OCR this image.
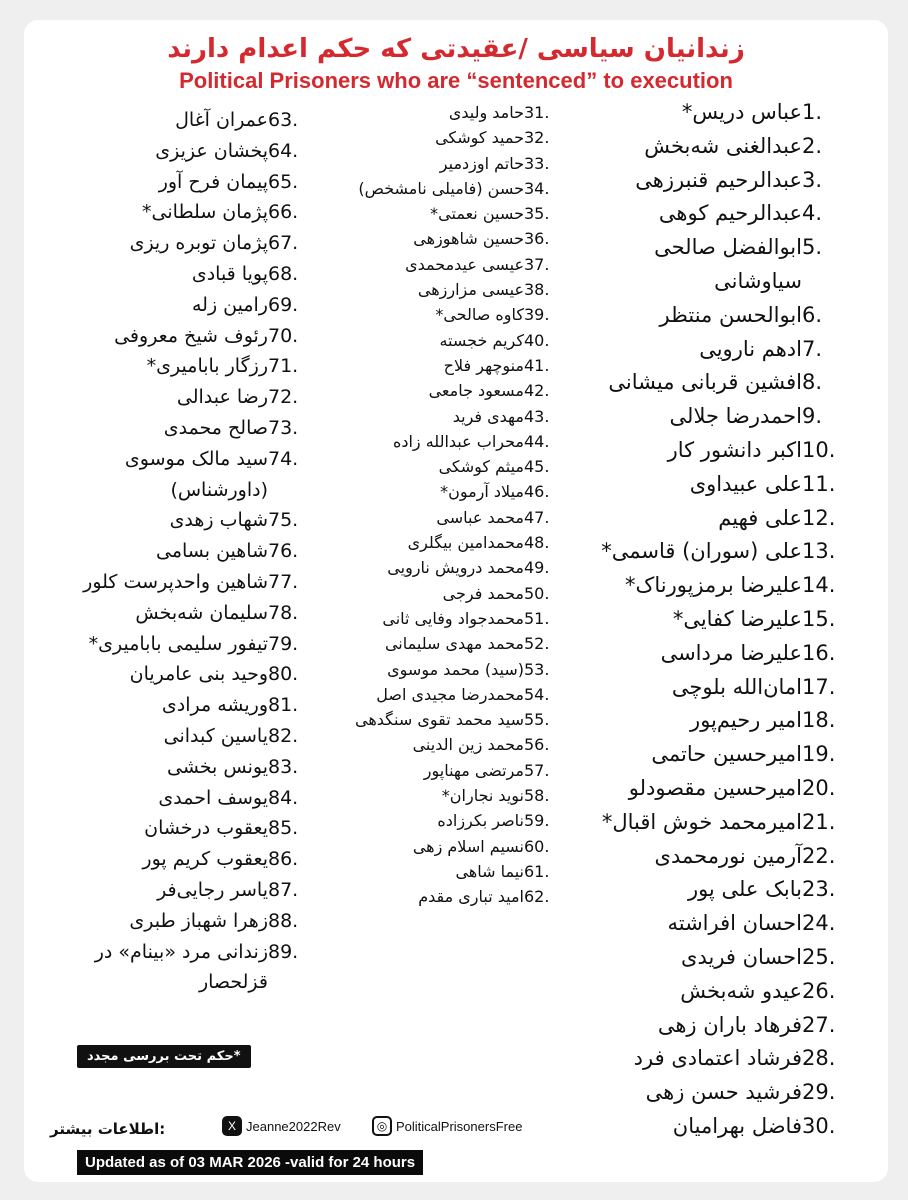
زندانیان سیاسی /عقیدتی که حکم اعدام دارند
Political Prisoners who are “sentenced” to execution
1.
عباس دریس*
2.
عبدالغنی شه‌بخش
3.
عبدالرحیم قنبرزهی
4.
عبدالرحیم کوهی
5.
ابوالفضل صالحی سیاوشانی
6.
ابوالحسن منتظر
7.
ادهم نارویی
8.
افشین قربانی میشانی
9.
احمدرضا جلالی
10.
اکبر دانشور کار
11.
علی عبیداوی
12.
علی فهیم
13.
علی (سوران) قاسمی*
14.
علیرضا برمزپورناک*
15.
علیرضا کفایی*
16.
علیرضا مرداسی
17.
امان‌الله بلوچی
18.
امیر رحیم‌پور
19.
امیرحسین حاتمی
20.
امیرحسین مقصودلو
21.
امیرمحمد خوش اقبال*
22.
آرمین نورمحمدی
23.
بابک علی پور
24.
احسان افراشته
25.
احسان فریدی
26.
عیدو شه‌بخش
27.
فرهاد باران زهی
28.
فرشاد اعتمادی فرد
29.
فرشید حسن زهی
30.
فاضل بهرامیان
31.
حامد ولیدی
32.
حمید کوشکی
33.
حاتم اوزدمیر
34.
حسن (فامیلی نامشخص)
35.
حسین نعمتی*
36.
حسین شاهوزهی
37.
عیسی عیدمحمدی
38.
عیسی مزارزهی
39.
کاوه صالحی*
40.
کریم خجسته
41.
منوچهر فلاح
42.
مسعود جامعی
43.
مهدی فرید
44.
محراب عبدالله زاده
45.
میثم کوشکی
46.
میلاد آرمون*
47.
محمد عباسی
48.
محمدامین بیگلری
49.
محمد درویش نارویی
50.
محمد فرجی
51.
محمدجواد وفایی ثانی
52.
محمد مهدی سلیمانی
53.
(سید) محمد موسوی
54.
محمدرضا مجیدی اصل
55.
سید محمد تقوی سنگدهی
56.
محمد زین الدینی
57.
مرتضی مهناپور
58.
نوید نجاران*
59.
ناصر بکرزاده
60.
نسیم اسلام زهی
61.
نیما شاهی
62.
امید تباری مقدم
63.
عمران آغال
64.
پخشان عزیزی
65.
پیمان فرح آور
66.
پژمان سلطانی*
67.
پژمان توبره ریزی
68.
پویا قبادی
69.
رامین زله
70.
رئوف شیخ معروفی
71.
رزگار بابامیری*
72.
رضا عبدالی
73.
صالح محمدی
74.
سید مالک موسوی (داورشناس)
75.
شهاب زهدی
76.
شاهین بسامی
77.
شاهین واحدپرست کلور
78.
سلیمان شه‌بخش
79.
تیفور سلیمی بابامیری*
80.
وحید بنی عامریان
81.
وریشه مرادی
82.
یاسین کبدانی
83.
یونس بخشی
84.
یوسف احمدی
85.
یعقوب درخشان
86.
یعقوب کریم پور
87.
یاسر رجایی‌فر
88.
زهرا شهباز طبری
89.
زندانی مرد «بینام» در قزلحصار
*حکم تحت بررسی مجدد
:اطلاعات بیشتر	X Jeanne2022Rev	◎ PoliticalPrisonersFree
Updated as of 03 MAR 2026 -valid for 24 hours
